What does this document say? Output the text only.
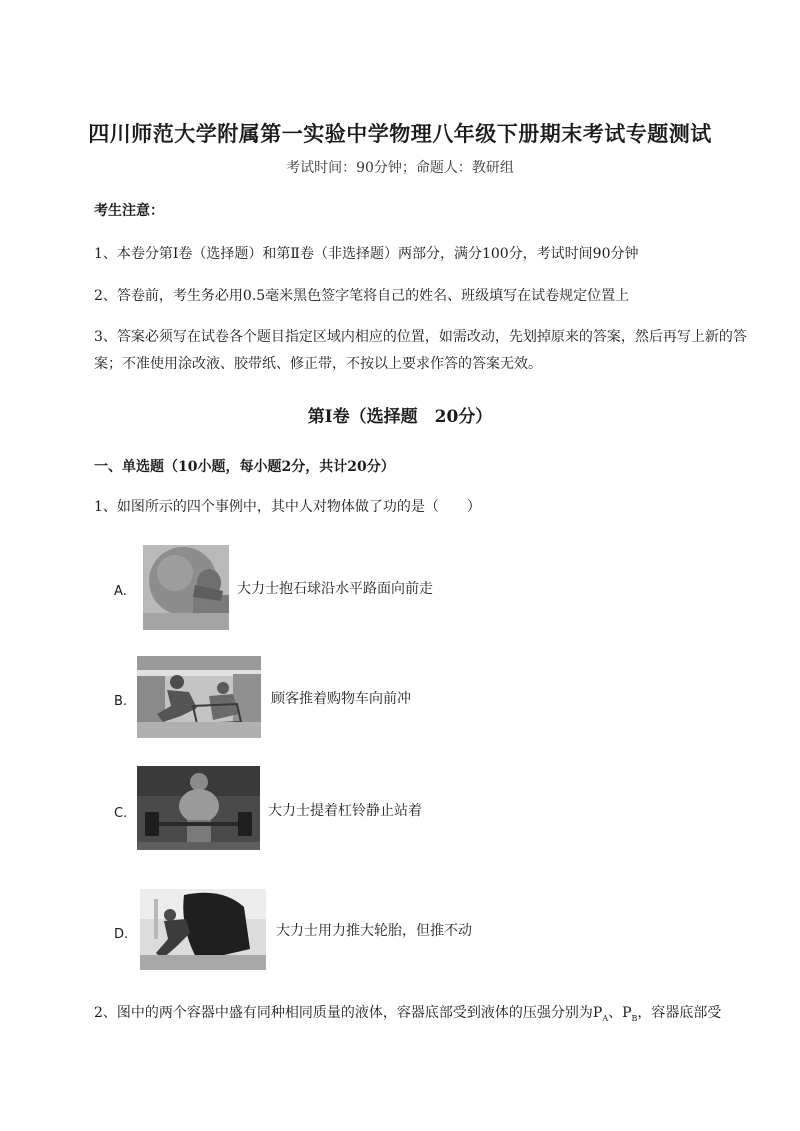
四川师范大学附属第一实验中学物理八年级下册期末考试专题测试
考试时间：90分钟；命题人：教研组
考生注意：
1、本卷分第I卷（选择题）和第Ⅱ卷（非选择题）两部分，满分100分，考试时间90分钟
2、答卷前，考生务必用0.5毫米黑色签字笔将自己的姓名、班级填写在试卷规定位置上
3、答案必须写在试卷各个题目指定区域内相应的位置，如需改动，先划掉原来的答案，然后再写上新的答案；不准使用涂改液、胶带纸、修正带，不按以上要求作答的答案无效。
第I卷（选择题　20分）
一、单选题（10小题，每小题2分，共计20分）
1、如图所示的四个事例中，其中人对物体做了功的是（　　）
A.	大力士抱石球沿水平路面向前走
B.	顾客推着购物车向前冲
C.	大力士提着杠铃静止站着
D.	大力士用力推大轮胎，但推不动
2、图中的两个容器中盛有同种相同质量的液体，容器底部受到液体的压强分别为$P_A$、$P_B$，容器底部受
